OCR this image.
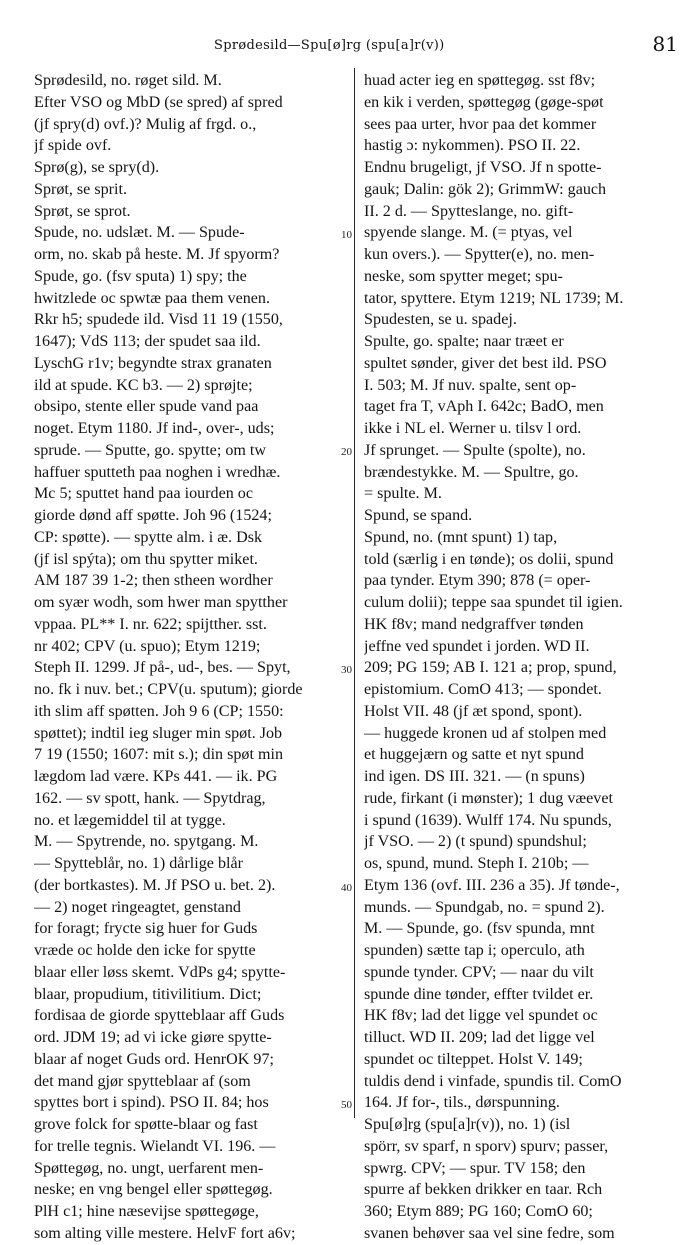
Sprødesild—Spu[ø]rg (spu[a]r(v))	81
10
20
30
40
50
Sprødesild, no. røget sild. M.
Efter VSO og MbD (se spred) af spred
(jf spry(d) ovf.)? Mulig af frgd. o.,
jf spide ovf.
Sprø(g), se spry(d).
Sprøt, se sprit.
Sprøt, se sprot.
Spude, no. udslæt. M. — Spude-
orm, no. skab på heste. M. Jf spyorm?
Spude, go. (fsv sputa) 1) spy; the
hwitzlede oc spwtæ paa them venen.
Rkr h5; spudede ild. Visd 11 19 (1550,
1647); VdS 113; der spudet saa ild.
LyschG r1v; begyndte strax granaten
ild at spude. KC b3. — 2) sprøjte;
obsipo, stente eller spude vand paa
noget. Etym 1180. Jf ind-, over-, uds;
sprude. — Sputte, go. spytte; om tw
haffuer sputteth paa noghen i wredhæ.
Mc 5; sputtet hand paa iourden oc
giorde dønd aff spøtte. Joh 96 (1524;
CP: spøtte). — spytte alm. i æ. Dsk
(jf isl spýta); om thu spytter miket.
AM 187 39 1-2; then stheen wordher
om syær wodh, som hwer man spytther
vppaa. PL** I. nr. 622; spijtther. sst.
nr 402; CPV (u. spuo); Etym 1219;
Steph II. 1299. Jf på-, ud-, bes. — Spyt,
no. fk i nuv. bet.; CPV(u. sputum); giorde
ith slim aff spøtten. Joh 9 6 (CP; 1550:
spøttet); indtil ieg sluger min spøt. Job
7 19 (1550; 1607: mit s.); din spøt min
lægdom lad være. KPs 441. — ik. PG
162. — sv spott, hank. — Spytdrag,
no. et lægemiddel til at tygge.
M. — Spytrende, no. spytgang. M.
— Spytteblår, no. 1) dårlige blår
(der bortkastes). M. Jf PSO u. bet. 2).
— 2) noget ringeagtet, genstand
for foragt; frycte sig huer for Guds
vræde oc holde den icke for spytte
blaar eller løss skemt. VdPs g4; spytte-
blaar, propudium, titivilitium. Dict;
fordisaa de giorde spytteblaar aff Guds
ord. JDM 19; ad vi icke giøre spytte-
blaar af noget Guds ord. HenrOK 97;
det mand gjør spytteblaar af (som
spyttes bort i spind). PSO II. 84; hos
grove folck for spøtte-blaar og fast
for trelle tegnis. Wielandt VI. 196. —
Spøttegøg, no. ungt, uerfarent men-
neske; en vng bengel eller spøttegøg.
PlH c1; hine næsevijse spøttegøge,
som alting ville mestere. HelvF fort a6v;
huad acter ieg en spøttegøg. sst f8v;
en kik i verden, spøttegøg (gøge-spøt
sees paa urter, hvor paa det kommer
hastig ɔ: nykommen). PSO II. 22.
Endnu brugeligt, jf VSO. Jf n spotte-
gauk; Dalin: gök 2); GrimmW: gauch
II. 2 d. — Spytteslange, no. gift-
spyende slange. M. (= ptyas, vel
kun overs.). — Spytter(e), no. men-
neske, som spytter meget; spu-
tator, spyttere. Etym 1219; NL 1739; M.
Spudesten, se u. spadej.
Spulte, go. spalte; naar træet er
spultet sønder, giver det best ild. PSO
I. 503; M. Jf nuv. spalte, sent op-
taget fra T, vAph I. 642c; BadO, men
ikke i NL el. Werner u. tilsv l ord.
Jf sprunget. — Spulte (spolte), no.
brændestykke. M. — Spultre, go.
= spulte. M.
Spund, se spand.
Spund, no. (mnt spunt) 1) tap,
told (særlig i en tønde); os dolii, spund
paa tynder. Etym 390; 878 (= oper-
culum dolii); teppe saa spundet til igien.
HK f8v; mand nedgraffver tønden
jeffne ved spundet i jorden. WD II.
209; PG 159; AB I. 121 a; prop, spund,
epistomium. ComO 413; — spondet.
Holst VII. 48 (jf æt spond, spont).
— huggede kronen ud af stolpen med
et huggejærn og satte et nyt spund
ind igen. DS III. 321. — (n spuns)
rude, firkant (i mønster); 1 dug væevet
i spund (1639). Wulff 174. Nu spunds,
jf VSO. — 2) (t spund) spundshul;
os, spund, mund. Steph I. 210b; —
Etym 136 (ovf. III. 236 a 35). Jf tønde-,
munds. — Spundgab, no. = spund 2).
M. — Spunde, go. (fsv spunda, mnt
spunden) sætte tap i; operculo, ath
spunde tynder. CPV; — naar du vilt
spunde dine tønder, effter tvildet er.
HK f8v; lad det ligge vel spundet oc
tilluct. WD II. 209; lad det ligge vel
spundet oc tilteppet. Holst V. 149;
tuldis dend i vinfade, spundis til. ComO
164. Jf for-, tils., dørspunning.
Spu[ø]rg (spu[a]r(v)), no. 1) (isl
spörr, sv sparf, n sporv) spurv; passer,
spwrg. CPV; — spur. TV 158; den
spurre af bekken drikker en taar. Rch
360; Etym 889; PG 160; ComO 60;
svanen behøver saa vel sine fedre, som
